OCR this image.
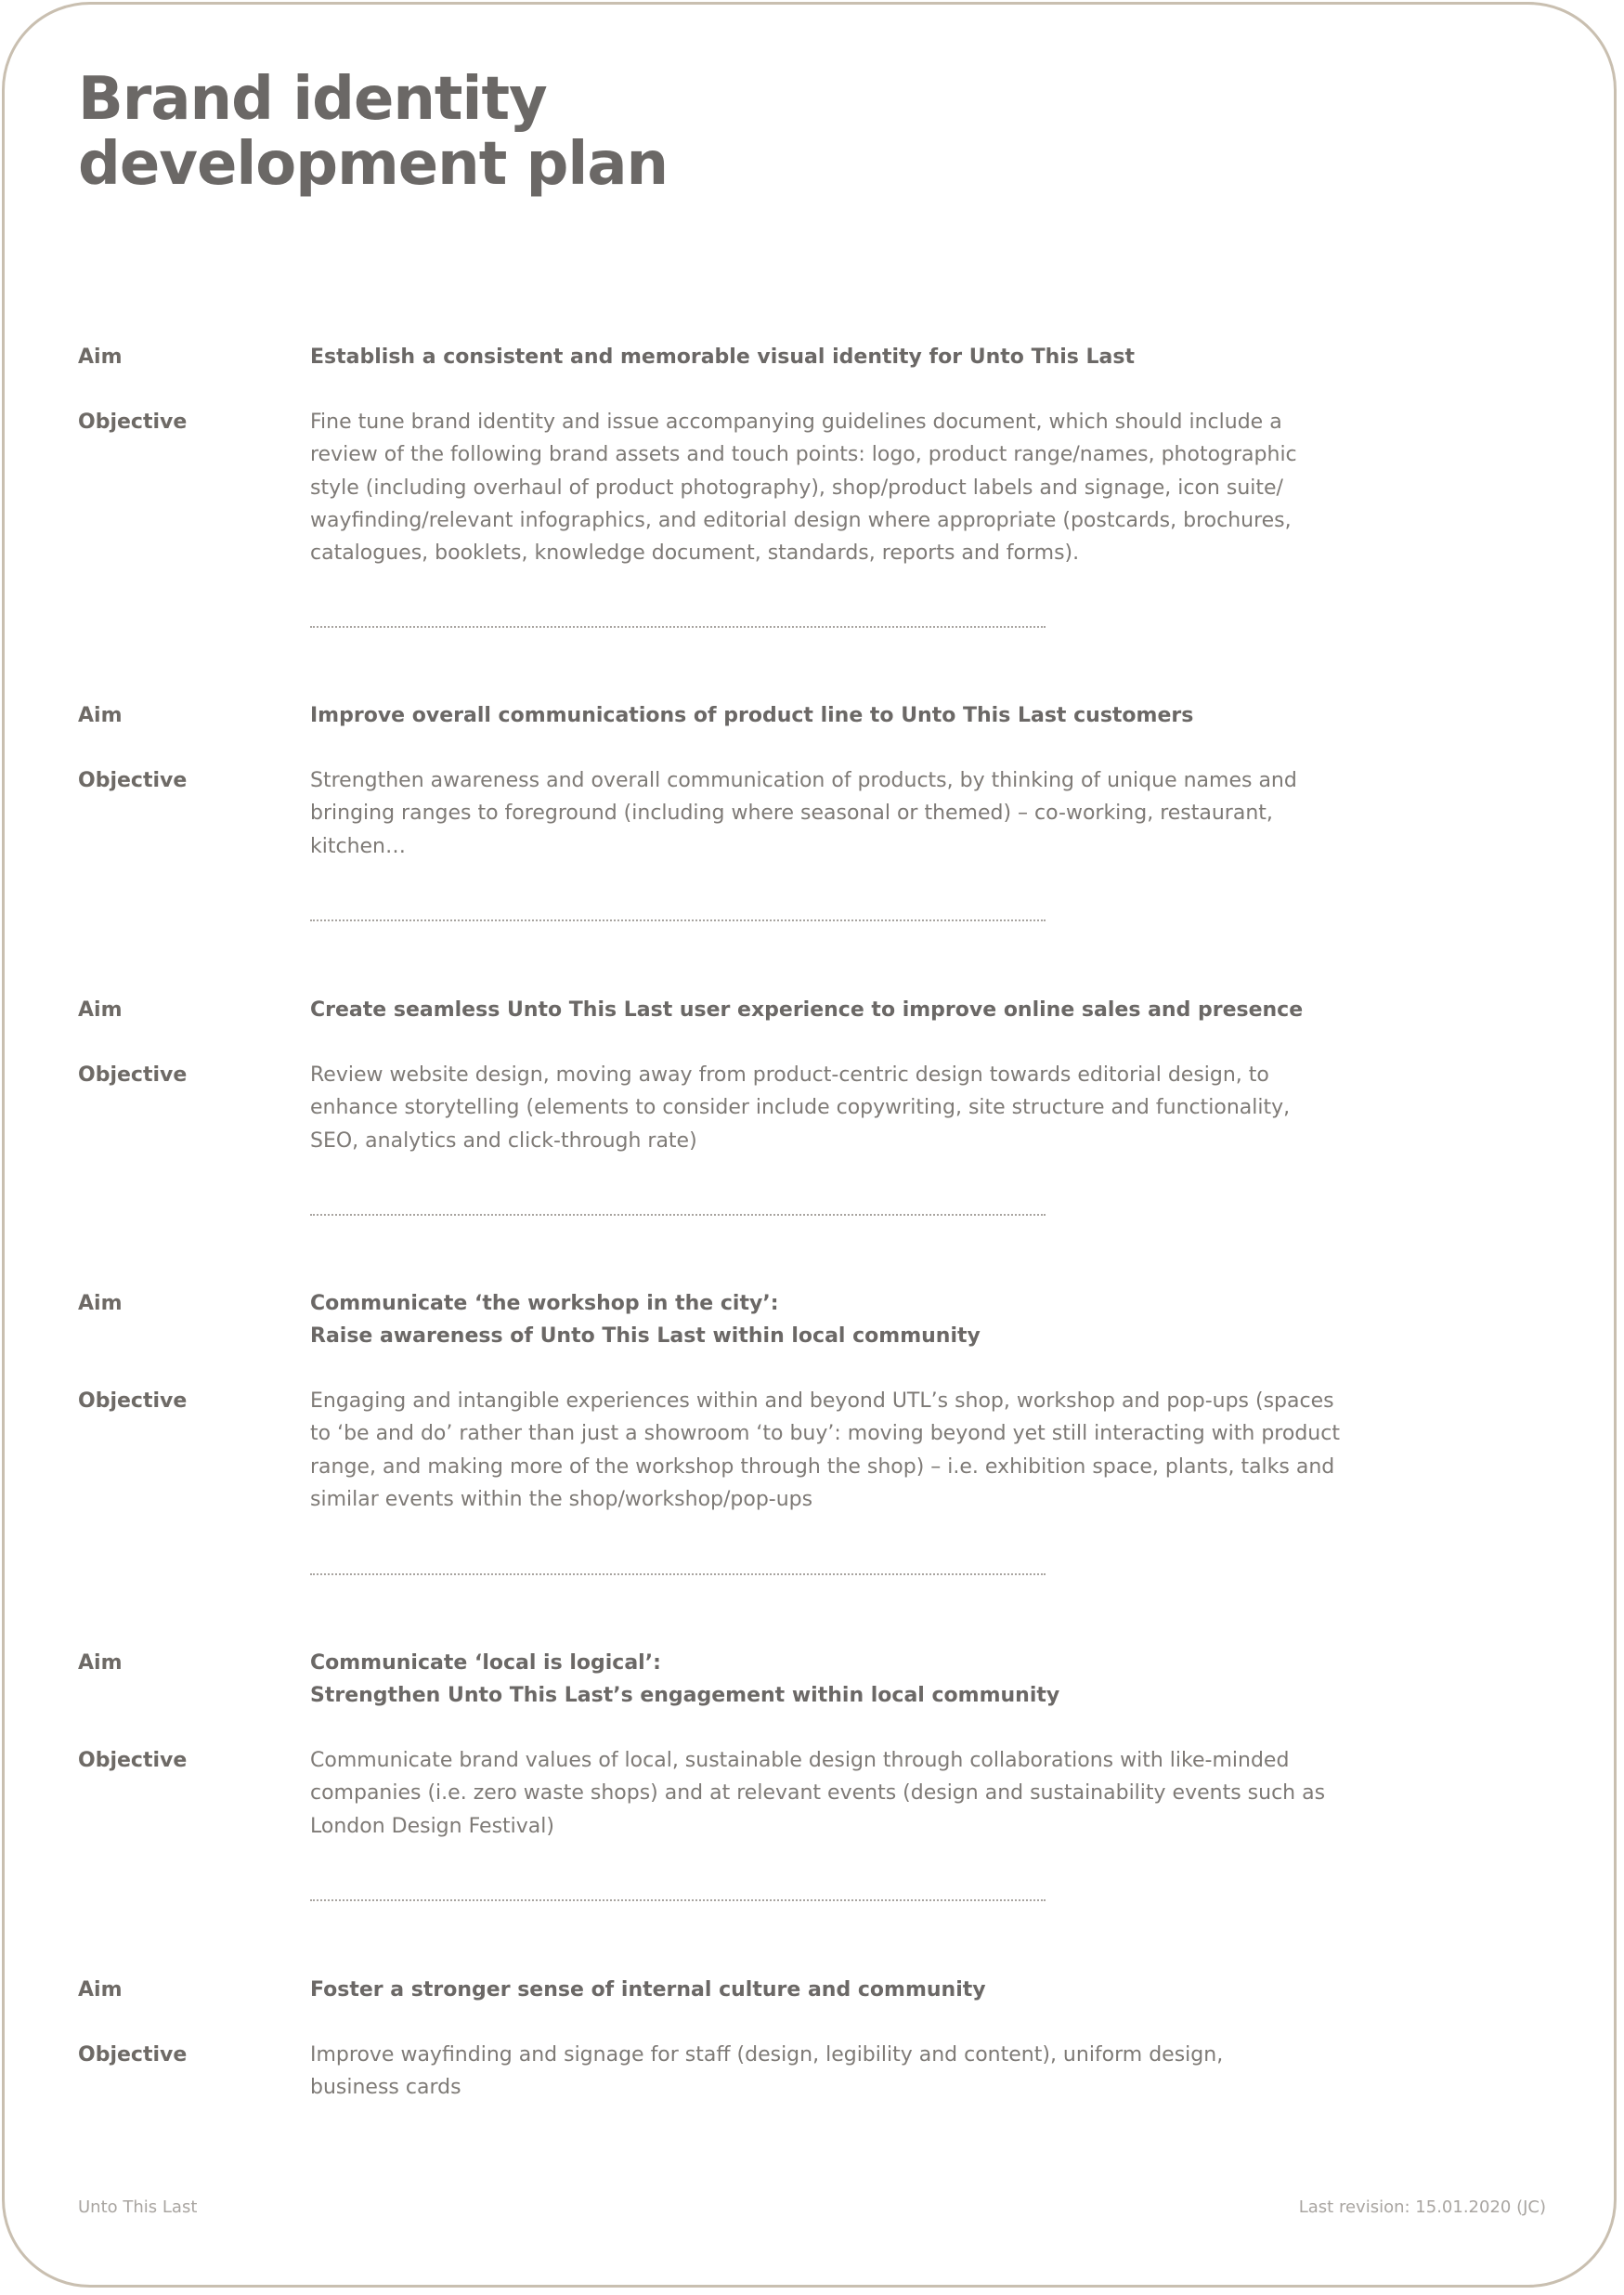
Brand identity
development plan
Aim	Establish a consistent and memorable visual identity for Unto This Last
Objective	Fine tune brand identity and issue accompanying guidelines document, which should include a
review of the following brand assets and touch points: logo, product range/names, photographic
style (including overhaul of product photography), shop/product labels and signage, icon suite/
wayfinding/relevant infographics, and editorial design where appropriate (postcards, brochures,
catalogues, booklets, knowledge document, standards, reports and forms).
Aim	Improve overall communications of product line to Unto This Last customers
Objective	Strengthen awareness and overall communication of products, by thinking of unique names and
bringing ranges to foreground (including where seasonal or themed) – co-working, restaurant,
kitchen…
Aim	Create seamless Unto This Last user experience to improve online sales and presence
Objective	Review website design, moving away from product-centric design towards editorial design, to
enhance storytelling (elements to consider include copywriting, site structure and functionality,
SEO, analytics and click-through rate)
Aim	Communicate ‘the workshop in the city’:
Raise awareness of Unto This Last within local community
Objective	Engaging and intangible experiences within and beyond UTL’s shop, workshop and pop-ups (spaces
to ‘be and do’ rather than just a showroom ‘to buy’: moving beyond yet still interacting with product
range, and making more of the workshop through the shop) – i.e. exhibition space, plants, talks and
similar events within the shop/workshop/pop-ups
Aim	Communicate ‘local is logical’:
Strengthen Unto This Last’s engagement within local community
Objective	Communicate brand values of local, sustainable design through collaborations with like-minded
companies (i.e. zero waste shops) and at relevant events (design and sustainability events such as
London Design Festival)
Aim	Foster a stronger sense of internal culture and community
Objective	Improve wayfinding and signage for staff (design, legibility and content), uniform design,
business cards
Unto This Last	Last revision: 15.01.2020 (JC)
